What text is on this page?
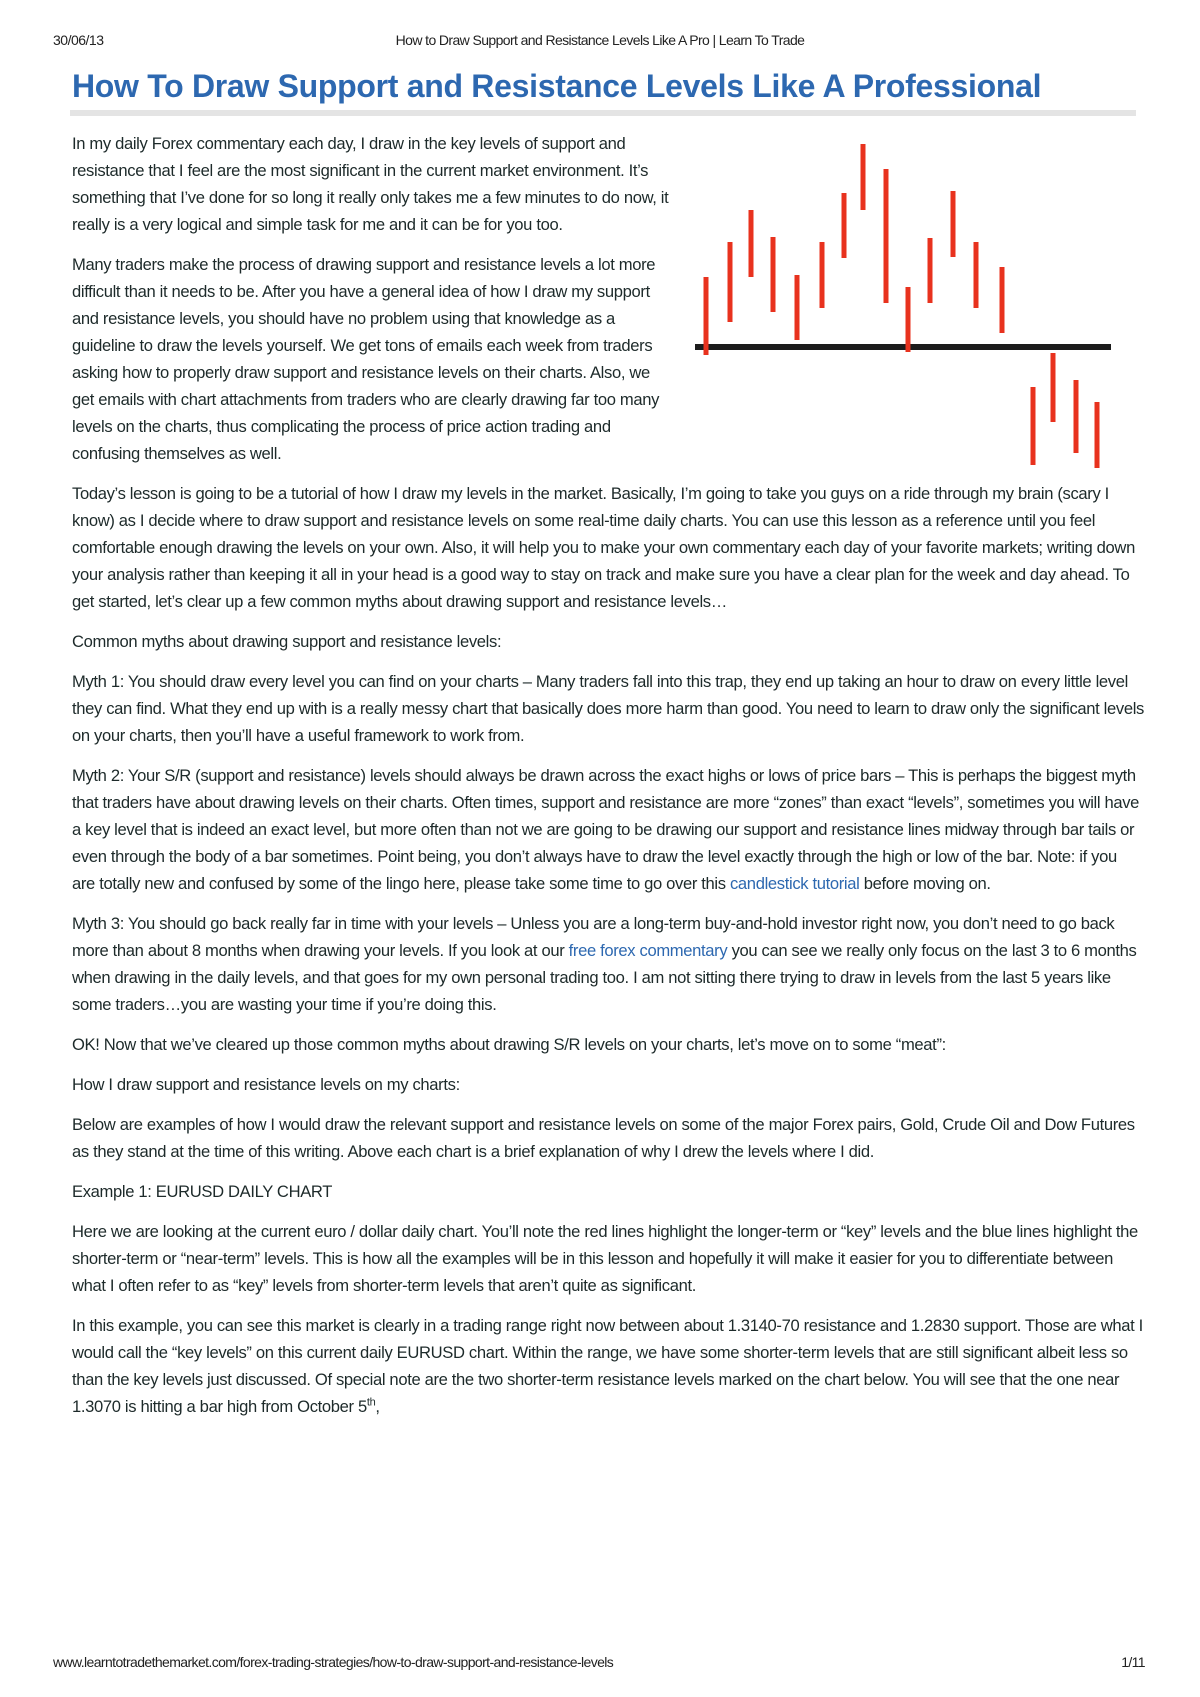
30/06/13	How to Draw Support and Resistance Levels Like A Pro | Learn To Trade
How To Draw Support and Resistance Levels Like A Professional

In my daily Forex commentary each day, I draw in the key levels of support and resistance that I feel are the most significant in the current market environment. It’s something that I’ve done for so long it really only takes me a few minutes to do now, it really is a very logical and simple task for me and it can be for you too.

Many traders make the process of drawing support and resistance levels a lot more difficult than it needs to be. After you have a general idea of how I draw my support and resistance levels, you should have no problem using that knowledge as a guideline to draw the levels yourself. We get tons of emails each week from traders asking how to properly draw support and resistance levels on their charts. Also, we get emails with chart attachments from traders who are clearly drawing far too many levels on the charts, thus complicating the process of price action trading and confusing themselves as well.

Today’s lesson is going to be a tutorial of how I draw my levels in the market. Basically, I’m going to take you guys on a ride through my brain (scary I know) as I decide where to draw support and resistance levels on some real-time daily charts. You can use this lesson as a reference until you feel comfortable enough drawing the levels on your own. Also, it will help you to make your own commentary each day of your favorite markets; writing down your analysis rather than keeping it all in your head is a good way to stay on track and make sure you have a clear plan for the week and day ahead. To get started, let’s clear up a few common myths about drawing support and resistance levels…

Common myths about drawing support and resistance levels:

Myth 1: You should draw every level you can find on your charts – Many traders fall into this trap, they end up taking an hour to draw on every little level they can find. What they end up with is a really messy chart that basically does more harm than good. You need to learn to draw only the significant levels on your charts, then you’ll have a useful framework to work from.

Myth 2: Your S/R (support and resistance) levels should always be drawn across the exact highs or lows of price bars – This is perhaps the biggest myth that traders have about drawing levels on their charts. Often times, support and resistance are more “zones” than exact “levels”, sometimes you will have a key level that is indeed an exact level, but more often than not we are going to be drawing our support and resistance lines midway through bar tails or even through the body of a bar sometimes. Point being, you don’t always have to draw the level exactly through the high or low of the bar. Note: if you are totally new and confused by some of the lingo here, please take some time to go over this candlestick tutorial before moving on.

Myth 3: You should go back really far in time with your levels – Unless you are a long-term buy-and-hold investor right now, you don’t need to go back more than about 8 months when drawing your levels. If you look at our free forex commentary you can see we really only focus on the last 3 to 6 months when drawing in the daily levels, and that goes for my own personal trading too. I am not sitting there trying to draw in levels from the last 5 years like some traders…you are wasting your time if you’re doing this.

OK! Now that we’ve cleared up those common myths about drawing S/R levels on your charts, let’s move on to some “meat”:

How I draw support and resistance levels on my charts:

Below are examples of how I would draw the relevant support and resistance levels on some of the major Forex pairs, Gold, Crude Oil and Dow Futures as they stand at the time of this writing. Above each chart is a brief explanation of why I drew the levels where I did.

Example 1: EURUSD DAILY CHART

Here we are looking at the current euro / dollar daily chart. You’ll note the red lines highlight the longer-term or “key” levels and the blue lines highlight the shorter-term or “near-term” levels. This is how all the examples will be in this lesson and hopefully it will make it easier for you to differentiate between what I often refer to as “key” levels from shorter-term levels that aren’t quite as significant.

In this example, you can see this market is clearly in a trading range right now between about 1.3140-70 resistance and 1.2830 support. Those are what I would call the “key levels” on this current daily EURUSD chart. Within the range, we have some shorter-term levels that are still significant albeit less so than the key levels just discussed. Of special note are the two shorter-term resistance levels marked on the chart below. You will see that the one near 1.3070 is hitting a bar high from October 5th,

www.learntotradethemarket.com/forex-trading-strategies/how-to-draw-support-and-resistance-levels	1/11
